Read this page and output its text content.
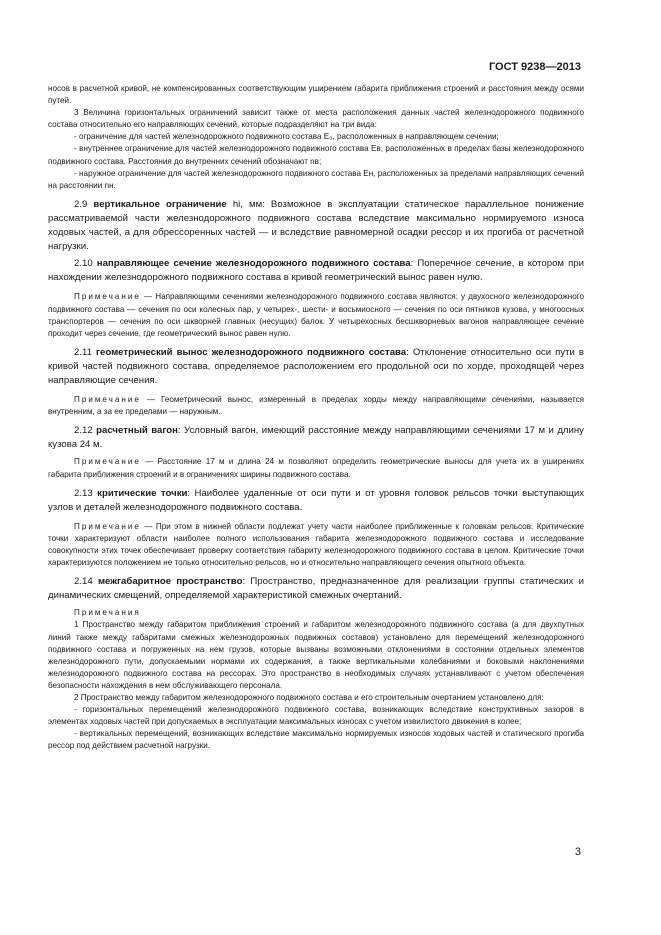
ГОСТ 9238—2013

носов в расчетной кривой, не компенсированных соответствующим уширением габарита приближения строений и расстояния между осями путей.

3 Величина горизонтальных ограничений зависит также от места расположения данных частей железнодорожного подвижного состава относительно его направляющих сечений, которые подразделяют на три вида:

- ограничение для частей железнодорожного подвижного состава E₀, расположенных в направляющем сечении;

- внутреннее ограничение для частей железнодорожного подвижного состава Eв, расположенных в пределах базы железнодорожного подвижного состава. Расстояния до внутренних сечений обозначают nв;

- наружное ограничение для частей железнодорожного подвижного состава Eн, расположенных за пределами направляющих сечений на расстоянии nн.

2.9 вертикальное ограничение hi, мм: Возможное в эксплуатации статическое параллельное понижение рассматриваемой части железнодорожного подвижного состава вследствие максимально нормируемого износа ходовых частей, а для обрессоренных частей — и вследствие равномерной осадки рессор и их прогиба от расчетной нагрузки.

2.10 направляющее сечение железнодорожного подвижного состава: Поперечное сечение, в котором при нахождении железнодорожного подвижного состава в кривой геометрический вынос равен нулю.

Примечание — Направляющими сечениями железнодорожного подвижного состава являются: у двухосного железнодорожного подвижного состава — сечения по оси колесных пар, у четырех-, шести- и восьмиосного — сечения по оси пятников кузова, у многоосных транспортеров — сечения по оси шкворней главных (несущих) балок. У четырехосных бесшкворневых вагонов направляющее сечение проходит через сечение, где геометрический вынос равен нулю.

2.11 геометрический вынос железнодорожного подвижного состава: Отклонение относительно оси пути в кривой частей подвижного состава, определяемое расположением его продольной оси по хорде, проходящей через направляющие сечения.

Примечание — Геометрический вынос, измеренный в пределах хорды между направляющими сечениями, называется внутренним, а за ее пределами — наружным.

2.12 расчетный вагон: Условный вагон, имеющий расстояние между направляющими сечениями 17 м и длину кузова 24 м.

Примечание — Расстояние 17 м и длина 24 м позволяют определить геометрические выносы для учета их в уширениях габарита приближения строений и в ограничениях ширины подвижного состава.

2.13 критические точки: Наиболее удаленные от оси пути и от уровня головок рельсов точки выступающих узлов и деталей железнодорожного подвижного состава.

Примечание — При этом в нижней области подлежат учету части наиболее приближенные к головкам рельсов. Критические точки характеризуют области наиболее полного использования габарита железнодорожного подвижного состава и исследование совокупности этих точек обеспечивает проверку соответствия габариту железнодорожного подвижного состава в целом. Критические точки характеризуются положением не только относительно рельсов, но и относительно направляющего сечения опытного объекта.

2.14 межгабаритное пространство: Пространство, предназначенное для реализации группы статических и динамических смещений, определяемой характеристикой смежных очертаний.

Примечания

1 Пространство между габаритом приближения строений и габаритом железнодорожного подвижного состава (а для двухпутных линий также между габаритами смежных железнодорожных подвижных составов) установлено для перемещений железнодорожного подвижного состава и погруженных на нем грузов, которые вызваны возможными отклонениями в состоянии отдельных элементов железнодорожного пути, допускаемыми нормами их содержания, а также вертикальными колебаниями и боковыми наклонениями железнодорожного подвижного состава на рессорах. Это пространство в необходимых случаях устанавливают с учетом обеспечения безопасности нахождения в нем обслуживающего персонала.

2 Пространство между габаритом железнодорожного подвижного состава и его строительным очертанием установлено для:

- горизонтальных перемещений железнодорожного подвижного состава, возникающих вследствие конструктивных зазоров в элементах ходовых частей при допускаемых в эксплуатации максимальных износах с учетом извилистого движения в колее;

- вертикальных перемещений, возникающих вследствие максимально нормируемых износов ходовых частей и статического прогиба рессор под действием расчетной нагрузки.

3
